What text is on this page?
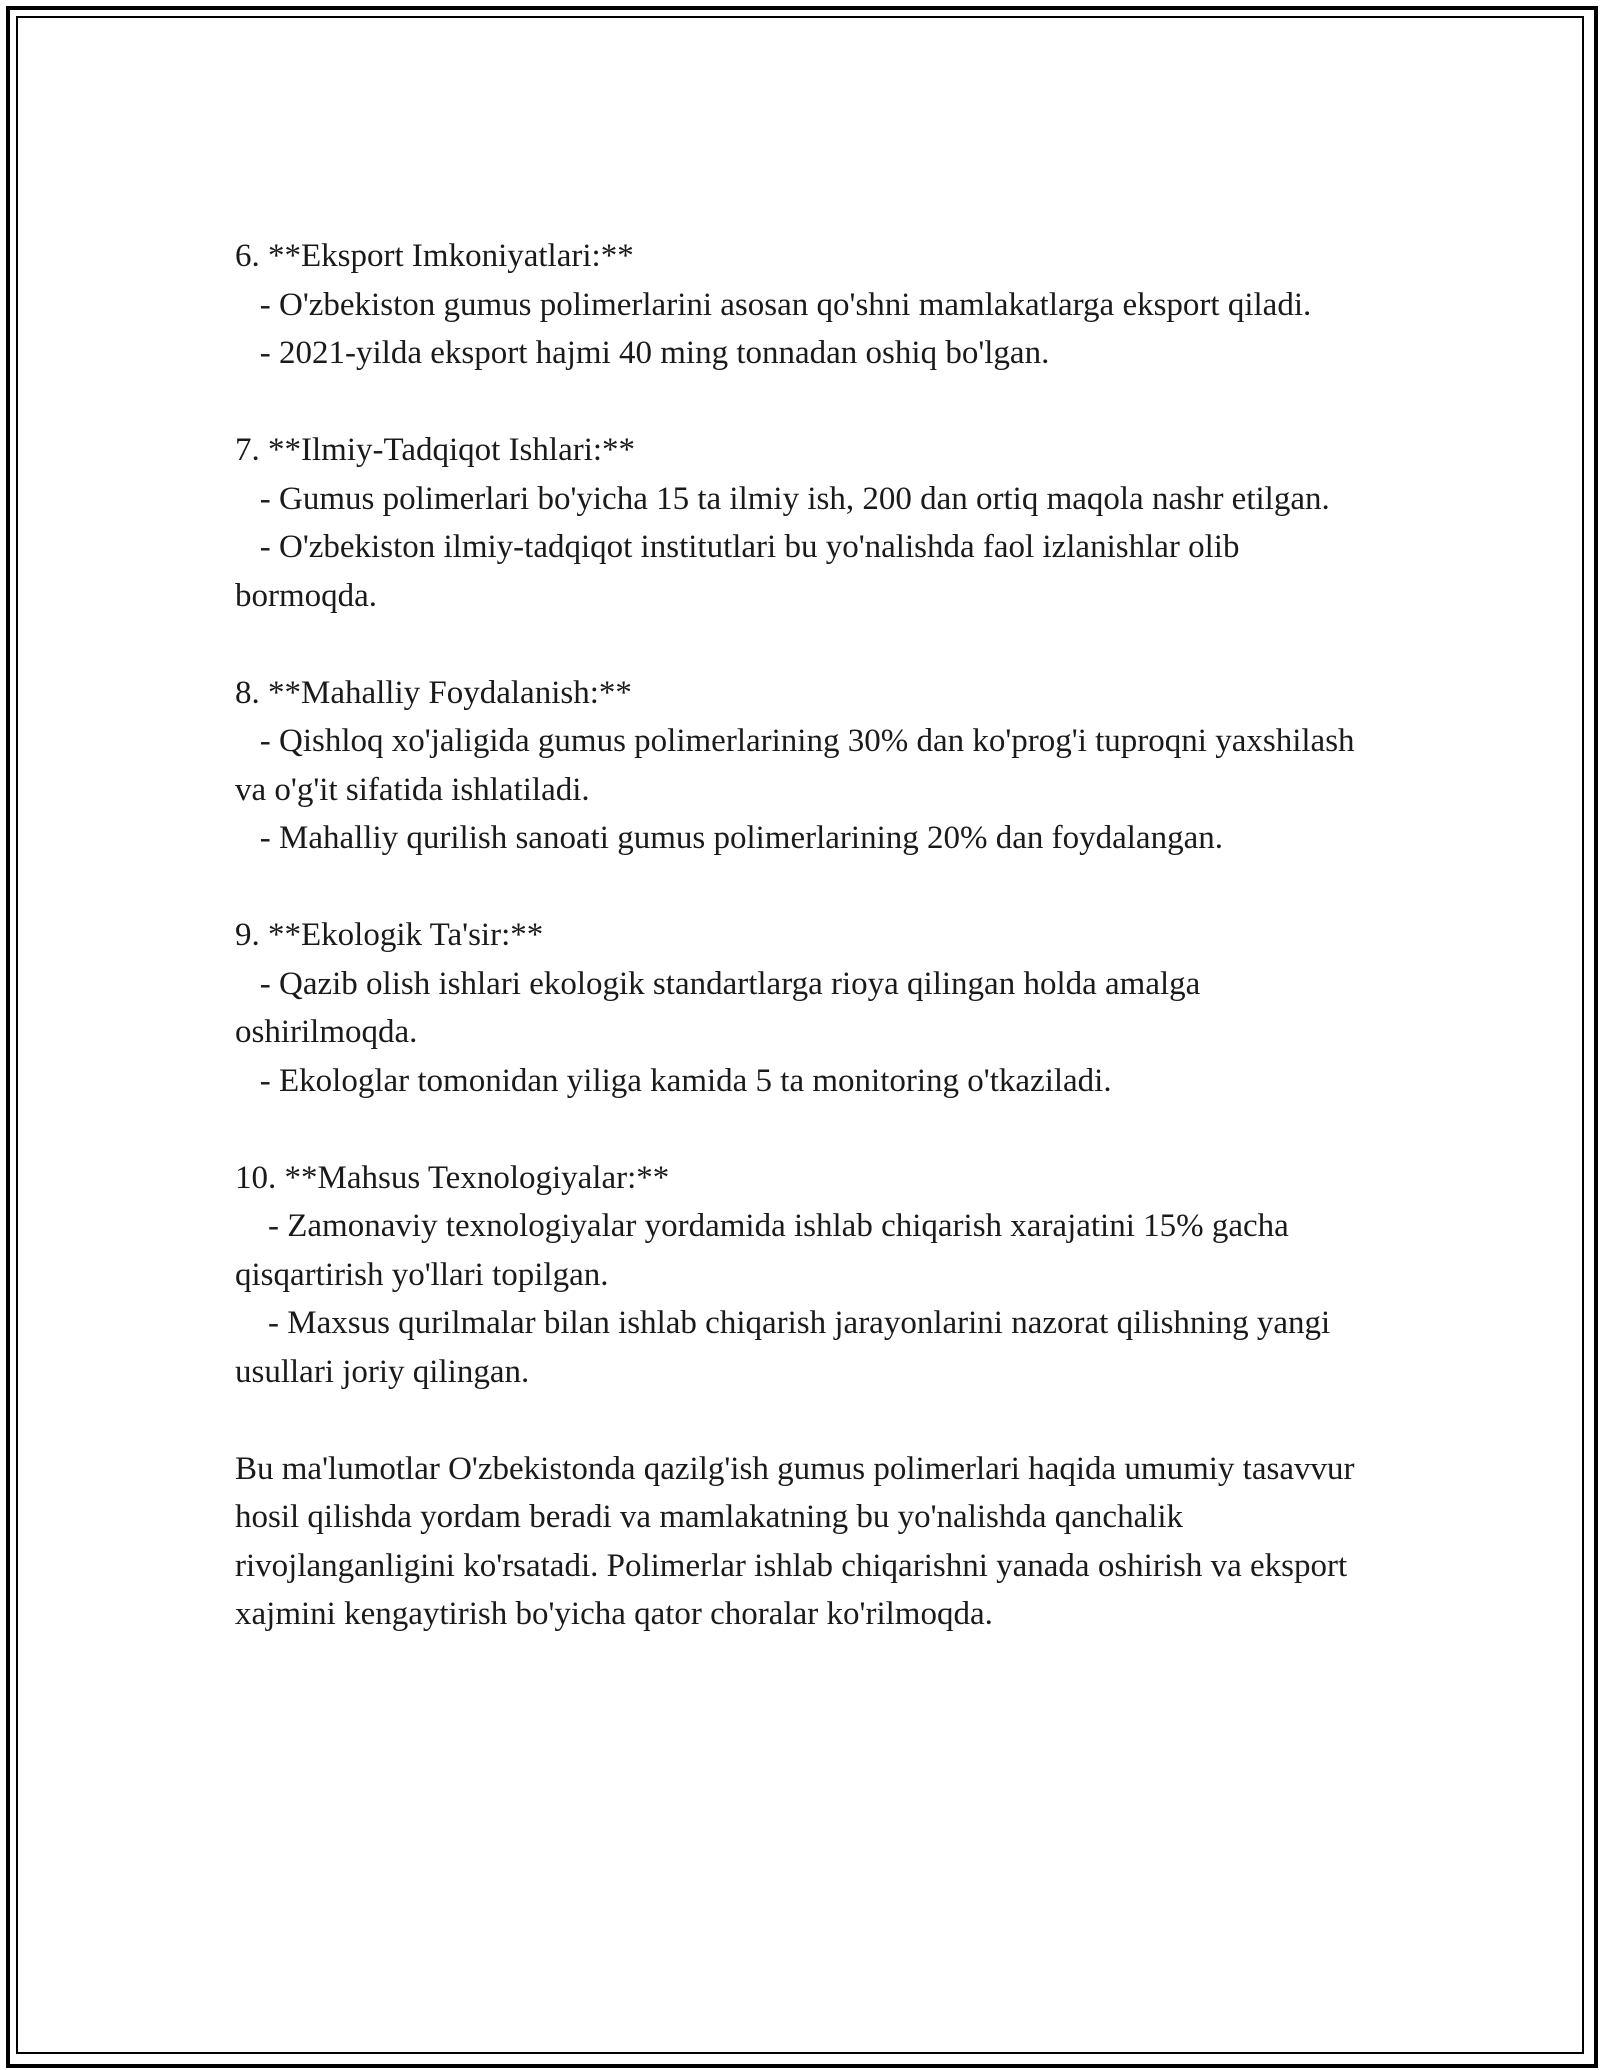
6. **Eksport Imkoniyatlari:**

- O'zbekiston gumus polimerlarini asosan qo'shni mamlakatlarga eksport qiladi.

- 2021-yilda eksport hajmi 40 ming tonnadan oshiq bo'lgan.

7. **Ilmiy-Tadqiqot Ishlari:**

- Gumus polimerlari bo'yicha 15 ta ilmiy ish, 200 dan ortiq maqola nashr etilgan.

- O'zbekiston ilmiy-tadqiqot institutlari bu yo'nalishda faol izlanishlar olib bormoqda.

8. **Mahalliy Foydalanish:**

- Qishloq xo'jaligida gumus polimerlarining 30% dan ko'prog'i tuproqni yaxshilash va o'g'it sifatida ishlatiladi.

- Mahalliy qurilish sanoati gumus polimerlarining 20% dan foydalangan.

9. **Ekologik Ta'sir:**

- Qazib olish ishlari ekologik standartlarga rioya qilingan holda amalga oshirilmoqda.

- Ekologlar tomonidan yiliga kamida 5 ta monitoring o'tkaziladi.

10. **Mahsus Texnologiyalar:**

- Zamonaviy texnologiyalar yordamida ishlab chiqarish xarajatini 15% gacha qisqartirish yo'llari topilgan.

- Maxsus qurilmalar bilan ishlab chiqarish jarayonlarini nazorat qilishning yangi usullari joriy qilingan.

Bu ma'lumotlar O'zbekistonda qazilg'ish gumus polimerlari haqida umumiy tasavvur hosil qilishda yordam beradi va mamlakatning bu yo'nalishda qanchalik rivojlanganligini ko'rsatadi. Polimerlar ishlab chiqarishni yanada oshirish va eksport xajmini kengaytirish bo'yicha qator choralar ko'rilmoqda.
